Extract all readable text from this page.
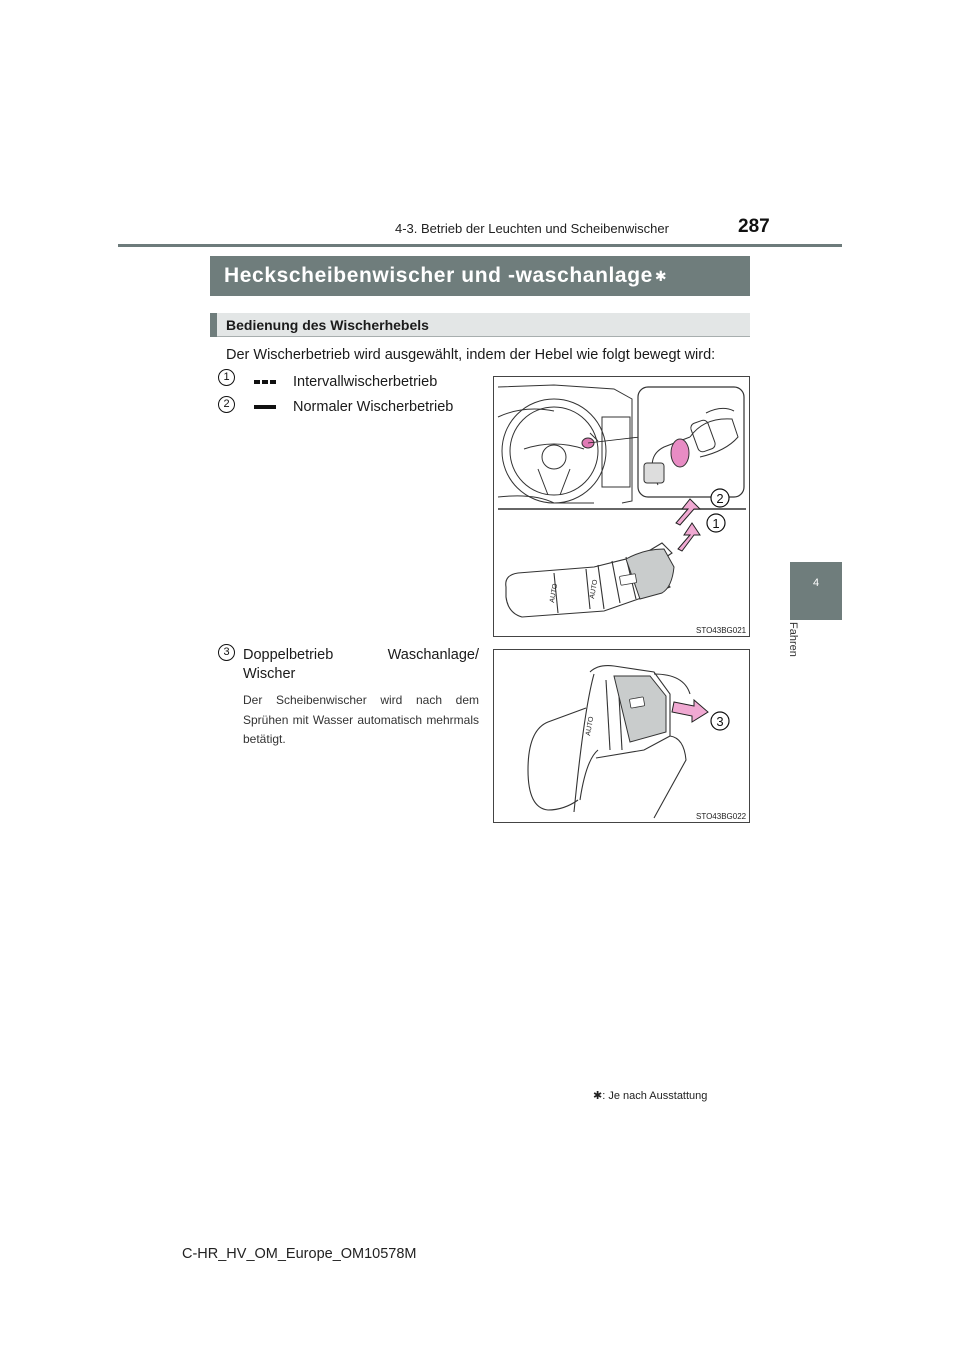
4-3. Betrieb der Leuchten und Scheibenwischer	287
4
Fahren
Heckscheibenwischer und -waschanlage ✱
Bedienung des Wischerhebels
Der Wischerbetrieb wird ausgewählt, indem der Hebel wie folgt bewegt wird:
1	Intervallwischerbetrieb
2	Normaler Wischerbetrieb
3 Doppelbetrieb Waschanlage/
Wischer
Der Scheibenwischer wird nach dem Sprühen mit Wasser automatisch mehrmals betätigt.
AUTO	AUTO
1
2
STO43BG021
AUTO	3
STO43BG022
✱: Je nach Ausstattung
C-HR_HV_OM_Europe_OM10578M
